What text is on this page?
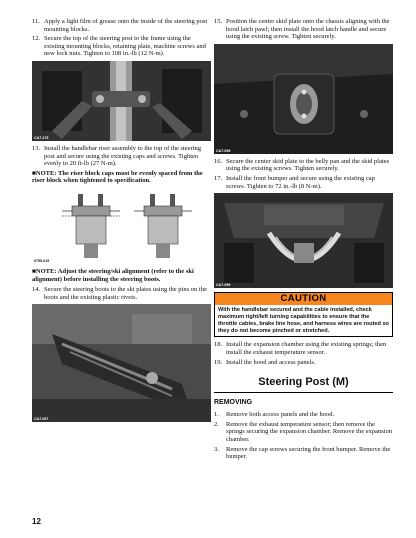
11. Apply a light film of grease onto the inside of the steering post mounting blocks.
12. Secure the top of the steering post to the frame using the existing mounting blocks, retaining plate, machine screws and new lock nuts. Tighten to 108 in.-lb (12 N-m).
CA7-175
13. Install the handlebar riser assembly to the top of the steering post and secure using the existing caps and screws. Tighten evenly to 20 ft-lb (27 N-m).
■NOTE: The riser block caps must be evenly spaced from the riser block when tightened to specification.
0755-615
■NOTE: Adjust the steering/ski alignment (refer to the ski alignment) before installing the steering boots.
14. Secure the steering boots to the ski plates using the pins on the boots and the existing plastic rivets.
CA7-097
15. Position the center skid plate onto the chassis aligning with the hood latch pawl; then install the hood latch handle and secure using the existing screw. Tighten securely.
CA7-098
16. Secure the center skid plate to the belly pan and the skid plates using the existing screws. Tighten securely.
17. Install the front bumper and secure using the existing cap screws. Tighten to 72 in.-lb (8 N-m).
CA7-099
CAUTION
With the handlebar secured and the cable installed, check maximum right/left turning capabilities to ensure that the throttle cables, brake line hose, and harness wires are routed so they do not become pinched or stretched.
18. Install the expansion chamber using the existing springs; then install the exhaust temperature sensor.
19. Install the hood and access panels.
Steering Post (M)
REMOVING
1.	Remove both access panels and the hood.
2.	Remove the exhaust temperature sensor; then remove the springs securing the expansion chamber. Remove the expansion chamber.
3.	Remove the cap screws securing the front bumper. Remove the bumper.
12
